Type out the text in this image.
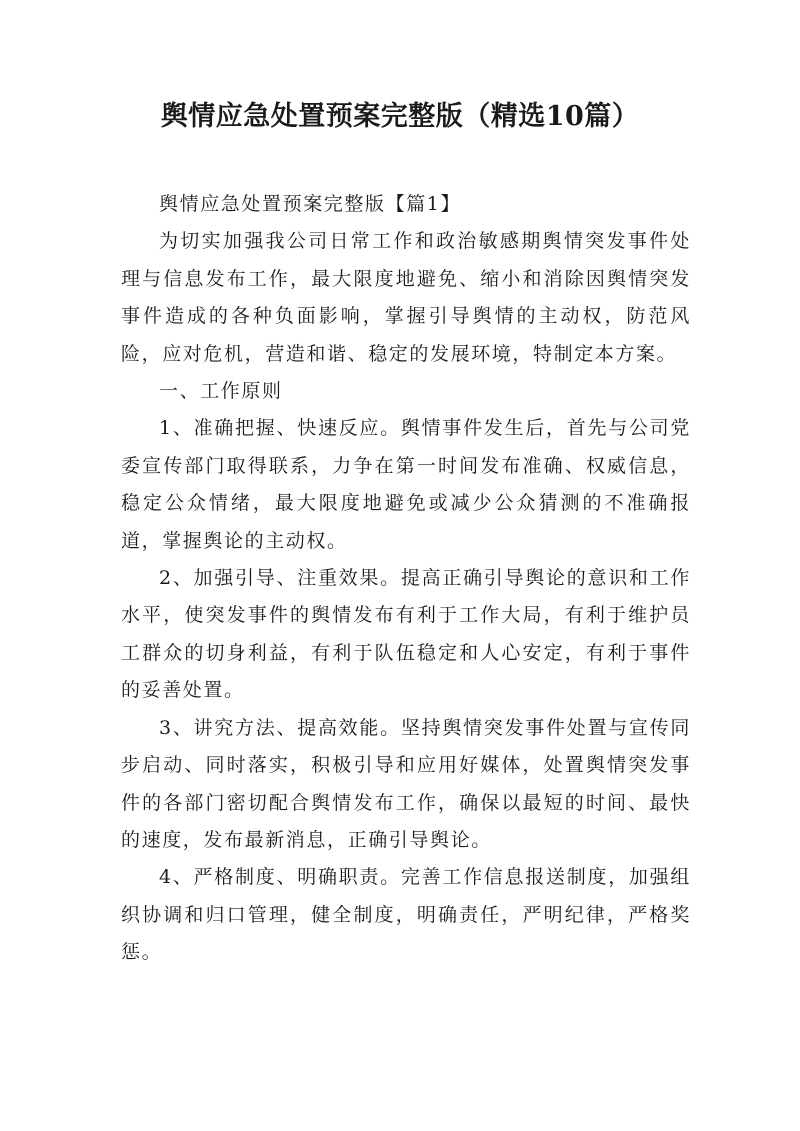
舆情应急处置预案完整版（精选10篇）

舆情应急处置预案完整版【篇1】

为切实加强我公司日常工作和政治敏感期舆情突发事件处理与信息发布工作，最大限度地避免、缩小和消除因舆情突发事件造成的各种负面影响，掌握引导舆情的主动权，防范风险，应对危机，营造和谐、稳定的发展环境，特制定本方案。

一、工作原则

1、准确把握、快速反应。舆情事件发生后，首先与公司党委宣传部门取得联系，力争在第一时间发布准确、权威信息，稳定公众情绪，最大限度地避免或减少公众猜测的不准确报道，掌握舆论的主动权。

2、加强引导、注重效果。提高正确引导舆论的意识和工作水平，使突发事件的舆情发布有利于工作大局，有利于维护员工群众的切身利益，有利于队伍稳定和人心安定，有利于事件的妥善处置。

3、讲究方法、提高效能。坚持舆情突发事件处置与宣传同步启动、同时落实，积极引导和应用好媒体，处置舆情突发事件的各部门密切配合舆情发布工作，确保以最短的时间、最快的速度，发布最新消息，正确引导舆论。

4、严格制度、明确职责。完善工作信息报送制度，加强组织协调和归口管理，健全制度，明确责任，严明纪律，严格奖惩。
